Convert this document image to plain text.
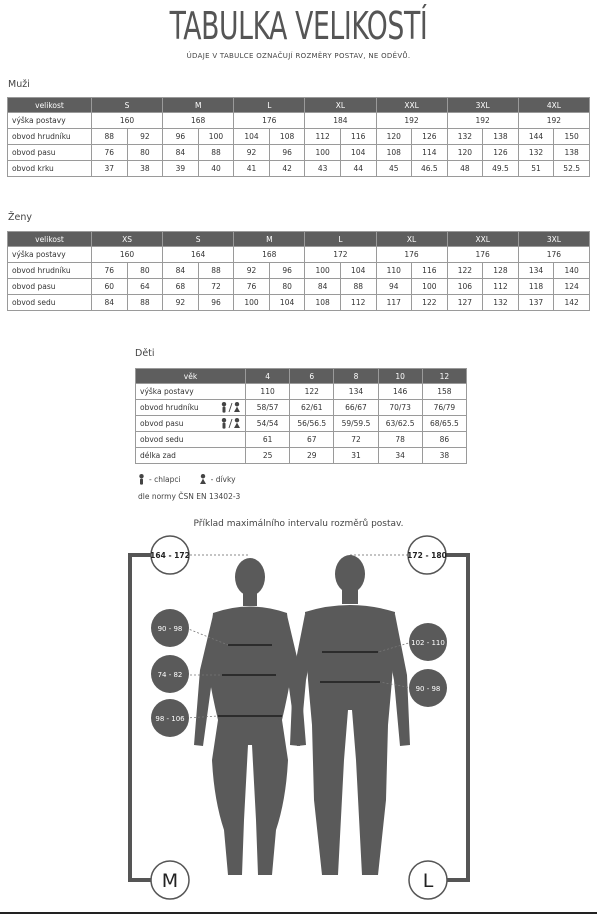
TABULKA VELIKOSTÍ
ÚDAJE V TABULCE OZNAČUJÍ ROZMĚRY POSTAV, NE ODĚVŮ.
Muži
velikost	S		M		L		XL		XXL		3XL		4XL	
výška postavy	160		168		176		184		192		192		192	
obvod hrudníku	88	92	96	100	104	108	112	116	120	126	132	138	144	150
obvod pasu	76	80	84	88	92	96	100	104	108	114	120	126	132	138
obvod krku	37	38	39	40	41	42	43	44	45	46.5	48	49.5	51	52.5
Ženy
velikost	XS		S		M		L		XL		XXL		3XL	
výška postavy	160		164		168		172		176		176		176	
obvod hrudníku	76	80	84	88	92	96	100	104	110	116	122	128	134	140
obvod pasu	60	64	68	72	76	80	84	88	94	100	106	112	118	124
obvod sedu	84	88	92	96	100	104	108	112	117	122	127	132	137	142
Děti
věk	4	6	8	10	12
výška postavy	110	122	134	146	158
obvod hrudníku	58/57	62/61	66/67	70/73	76/79
obvod pasu	54/54	56/56.5	59/59.5	63/62.5	68/65.5
obvod sedu	61	67	72	78	86
délka zad	25	29	31	34	38
- chlapci	- dívky
dle normy ČSN EN 13402-3
Příklad maximálního intervalu rozměrů postav.
164 - 172	172 - 180
90 - 98
74 - 82
98 - 106
102 - 110
90 - 98
M	L
